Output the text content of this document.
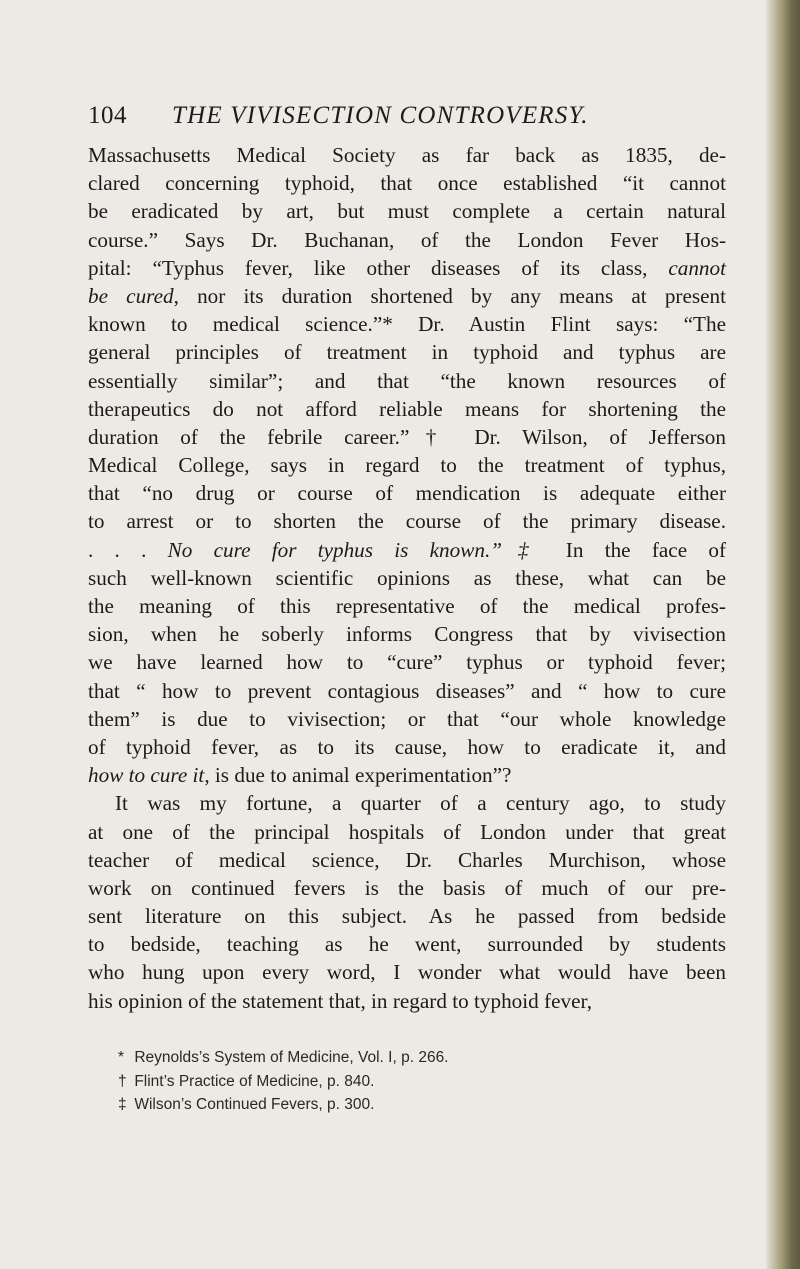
104 THE VIVISECTION CONTROVERSY.
Massachusetts Medical Society as far back as 1835, de-
clared concerning typhoid, that once established “it cannot
be eradicated by art, but must complete a certain natural
course.” Says Dr. Buchanan, of the London Fever Hos-
pital: “Typhus fever, like other diseases of its class, cannot
be cured, nor its duration shortened by any means at present
known to medical science.”* Dr. Austin Flint says: “The
general principles of treatment in typhoid and typhus are
essentially similar”; and that “the known resources of
therapeutics do not afford reliable means for shortening the
duration of the febrile career.”† Dr. Wilson, of Jefferson
Medical College, says in regard to the treatment of typhus,
that “no drug or course of mendication is adequate either
to arrest or to shorten the course of the primary disease.
. . . No cure for typhus is known.”‡ In the face of
such well-known scientific opinions as these, what can be
the meaning of this representative of the medical profes-
sion, when he soberly informs Congress that by vivisection
we have learned how to “cure” typhus or typhoid fever;
that “ how to prevent contagious diseases” and “ how to cure
them” is due to vivisection; or that “our whole knowledge
of typhoid fever, as to its cause, how to eradicate it, and
how to cure it, is due to animal experimentation”?
It was my fortune, a quarter of a century ago, to study
at one of the principal hospitals of London under that great
teacher of medical science, Dr. Charles Murchison, whose
work on continued fevers is the basis of much of our pre-
sent literature on this subject. As he passed from bedside
to bedside, teaching as he went, surrounded by students
who hung upon every word, I wonder what would have been
his opinion of the statement that, in regard to typhoid fever,
* Reynolds’s System of Medicine, Vol. I, p. 266.
† Flint’s Practice of Medicine, p. 840.
‡ Wilson’s Continued Fevers, p. 300.
